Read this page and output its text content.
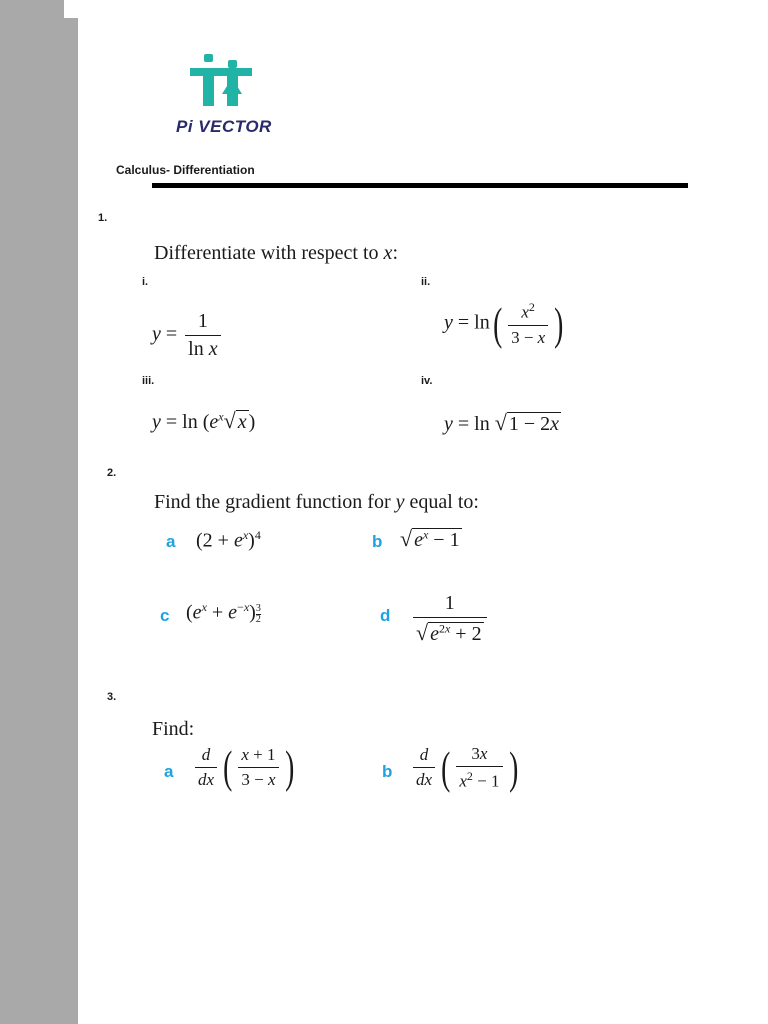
Pi VECTOR
Calculus- Differentiation
1.
Differentiate with respect to x:
i.	ii.
$y = \frac{1}{\text{ln x}}$	$y = \ln( \frac{x^2}{3 - x}$ )
iii.	iv.
$y = \ln (e^x√$ x )	y = ln √ 1 − 2x
2.
Find the gradient function for y equal to:
a $(2 + e^x)^4$	b √ $e^x - 1$
c $(e^x + e^{-x}) \frac{3}{2}$	d $\frac{1}{√ e^{2x} + 2}$
3.
Find:
a $\frac{d}{dx}$ ( $\frac{x + 1}{3 - x}$ )	b $\frac{d}{dx}$ ( $\frac{3x}{x^2 - 1}$ )
